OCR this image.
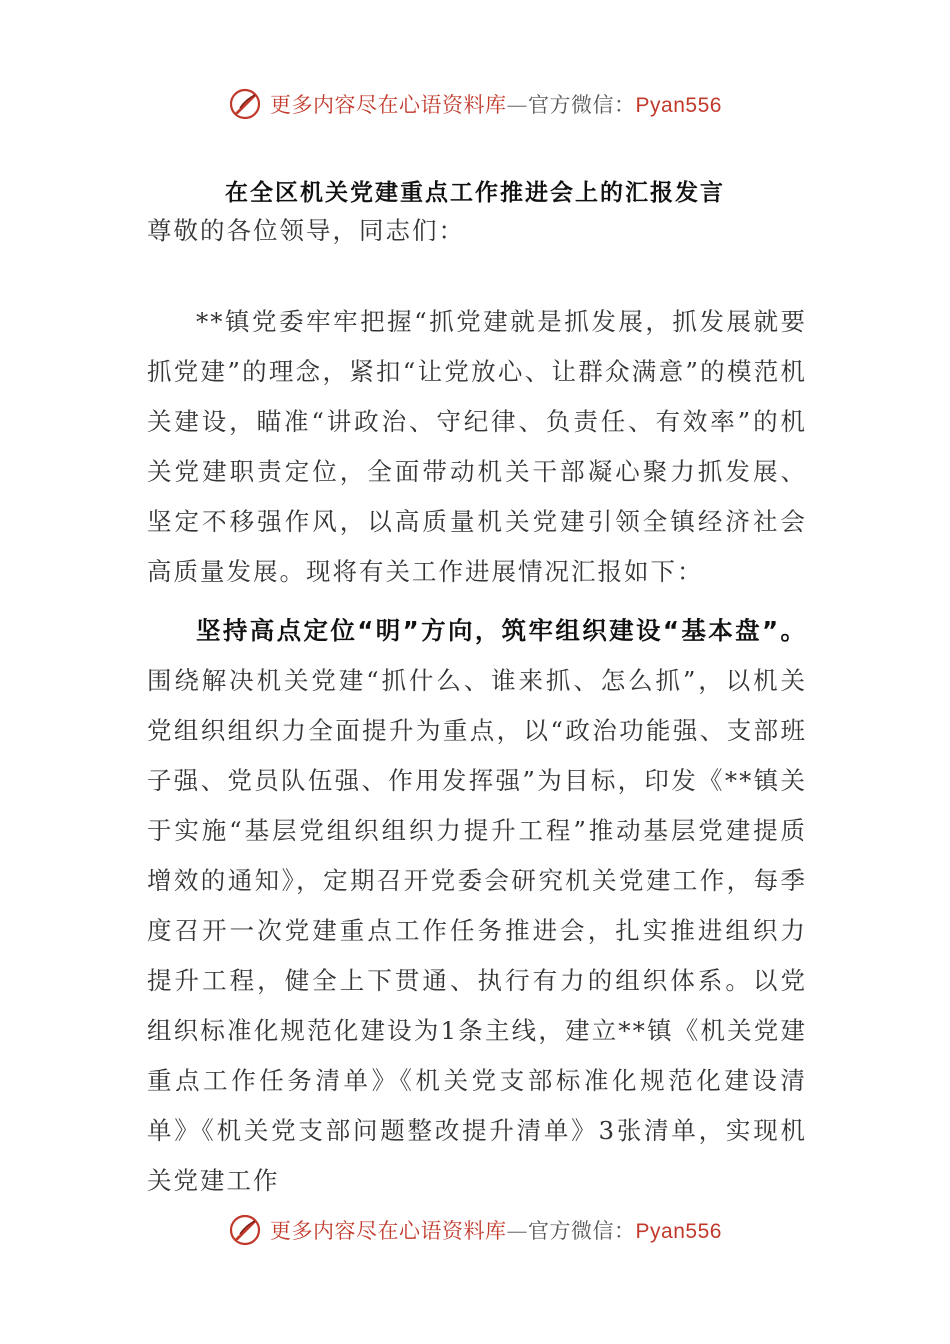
更多内容尽在心语资料库—官方微信：Pyan556
在全区机关党建重点工作推进会上的汇报发言
尊敬的各位领导，同志们：

**镇党委牢牢把握“抓党建就是抓发展，抓发展就要抓党建”的理念，紧扣“让党放心、让群众满意”的模范机关建设，瞄准“讲政治、守纪律、负责任、有效率”的机关党建职责定位，全面带动机关干部凝心聚力抓发展、坚定不移强作风，以高质量机关党建引领全镇经济社会高质量发展。现将有关工作进展情况汇报如下：

坚持高点定位“明”方向，筑牢组织建设“基本盘”。围绕解决机关党建“抓什么、谁来抓、怎么抓”，以机关党组织组织力全面提升为重点，以“政治功能强、支部班子强、党员队伍强、作用发挥强”为目标，印发《**镇关于实施“基层党组织组织力提升工程”推动基层党建提质增效的通知》，定期召开党委会研究机关党建工作，每季度召开一次党建重点工作任务推进会，扎实推进组织力提升工程，健全上下贯通、执行有力的组织体系。以党组织标准化规范化建设为1条主线，建立**镇《机关党建重点工作任务清单》《机关党支部标准化规范化建设清单》《机关党支部问题整改提升清单》3张清单，实现机关党建工作

更多内容尽在心语资料库—官方微信：Pyan556
